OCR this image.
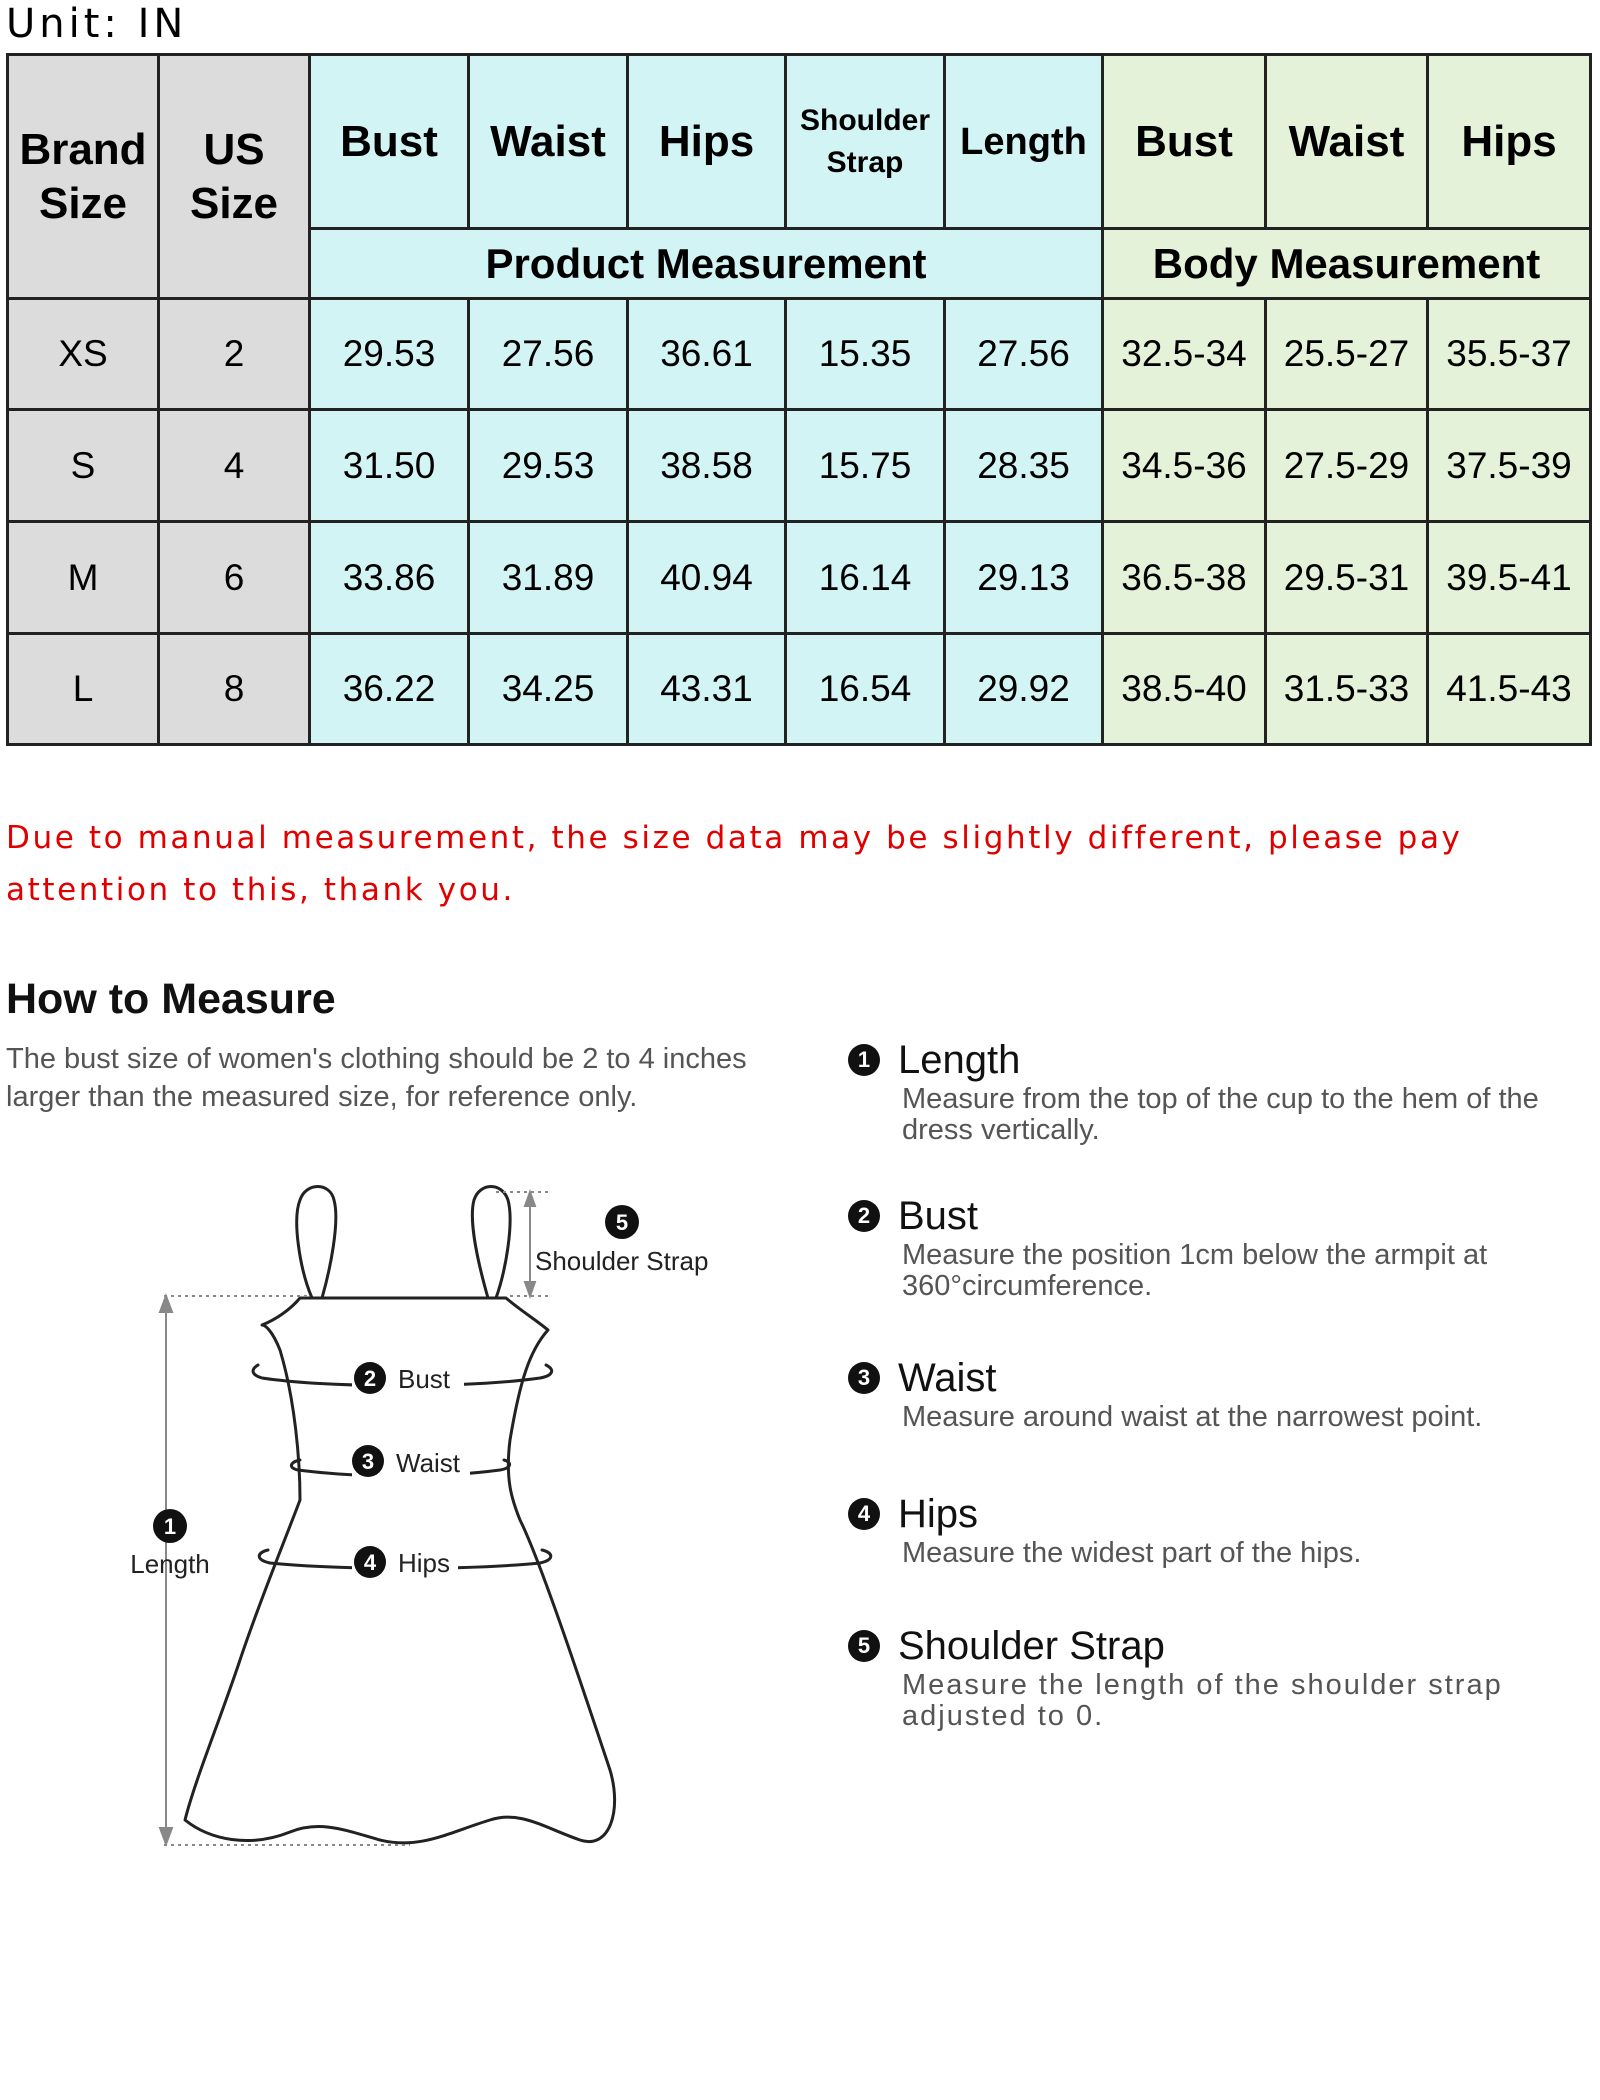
Unit: IN
Brand Size	US Size	Bust	Waist	Hips	Shoulder Strap	Length	Bust	Waist	Hips
		Product Measurement					Body Measurement		
XS	2	29.53	27.56	36.61	15.35	27.56	32.5-34	25.5-27	35.5-37
S	4	31.50	29.53	38.58	15.75	28.35	34.5-36	27.5-29	37.5-39
M	6	33.86	31.89	40.94	16.14	29.13	36.5-38	29.5-31	39.5-41
L	8	36.22	34.25	43.31	16.54	29.92	38.5-40	31.5-33	41.5-43
Due to manual measurement, the size data may be slightly different, please pay attention to this, thank you.
How to Measure
The bust size of women's clothing should be 2 to 4 inches larger than the measured size, for reference only.
2 Bust
3 Waist
4 Hips
1
Length
5
Shoulder Strap
1 Length
Measure from the top of the cup to the hem of the dress vertically.
2 Bust
Measure the position 1cm below the armpit at 360°circumference.
3 Waist
Measure around waist at the narrowest point.
4 Hips
Measure the widest part of the hips.
5 Shoulder Strap
Measure the length of the shoulder strap adjusted to 0.
